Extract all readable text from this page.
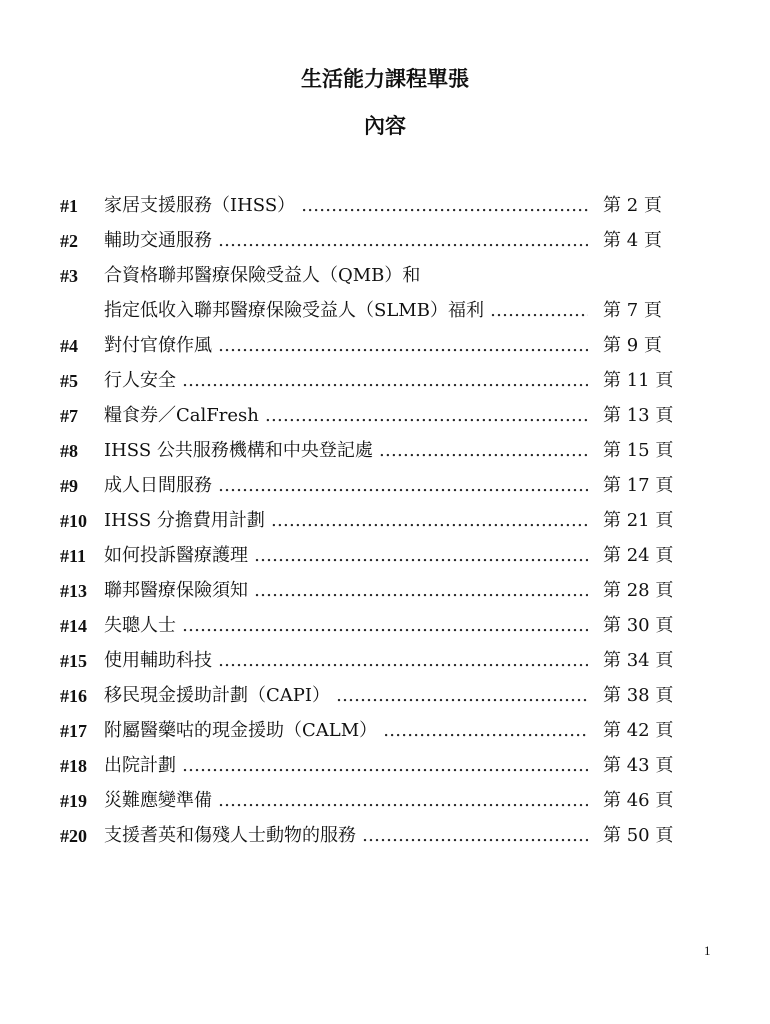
生活能力課程單張
內容
#1	家居支援服務（IHSS） ……………………………………………………………………………………………………………………	第 2 頁
#2	輔助交通服務 ……………………………………………………………………………………………………………………	第 4 頁
#3	合資格聯邦醫療保險受益人（QMB）和
指定低收入聯邦醫療保險受益人（SLMB）福利 ……………………………………………………………………………………………………………………	第 7 頁
#4	對付官僚作風 ……………………………………………………………………………………………………………………	第 9 頁
#5	行人安全 ……………………………………………………………………………………………………………………	第 11 頁
#7	糧食券／CalFresh ……………………………………………………………………………………………………………………	第 13 頁
#8	IHSS 公共服務機構和中央登記處 ……………………………………………………………………………………………………………………	第 15 頁
#9	成人日間服務 ……………………………………………………………………………………………………………………	第 17 頁
#10 IHSS 分擔費用計劃 ……………………………………………………………………………………………………………………	第 21 頁
#11 如何投訴醫療護理 ……………………………………………………………………………………………………………………	第 24 頁
#13 聯邦醫療保險須知 ……………………………………………………………………………………………………………………	第 28 頁
#14 失聰人士 ……………………………………………………………………………………………………………………	第 30 頁
#15 使用輔助科技 ……………………………………………………………………………………………………………………	第 34 頁
#16 移民現金援助計劃（CAPI） ……………………………………………………………………………………………………………………	第 38 頁
#17 附屬醫藥咕的現金援助（CALM） ……………………………………………………………………………………………………………………	第 42 頁
#18 出院計劃 ……………………………………………………………………………………………………………………	第 43 頁
#19 災難應變準備 ……………………………………………………………………………………………………………………	第 46 頁
#20 支援耆英和傷殘人士動物的服務 ……………………………………………………………………………………………………………………	第 50 頁
1
